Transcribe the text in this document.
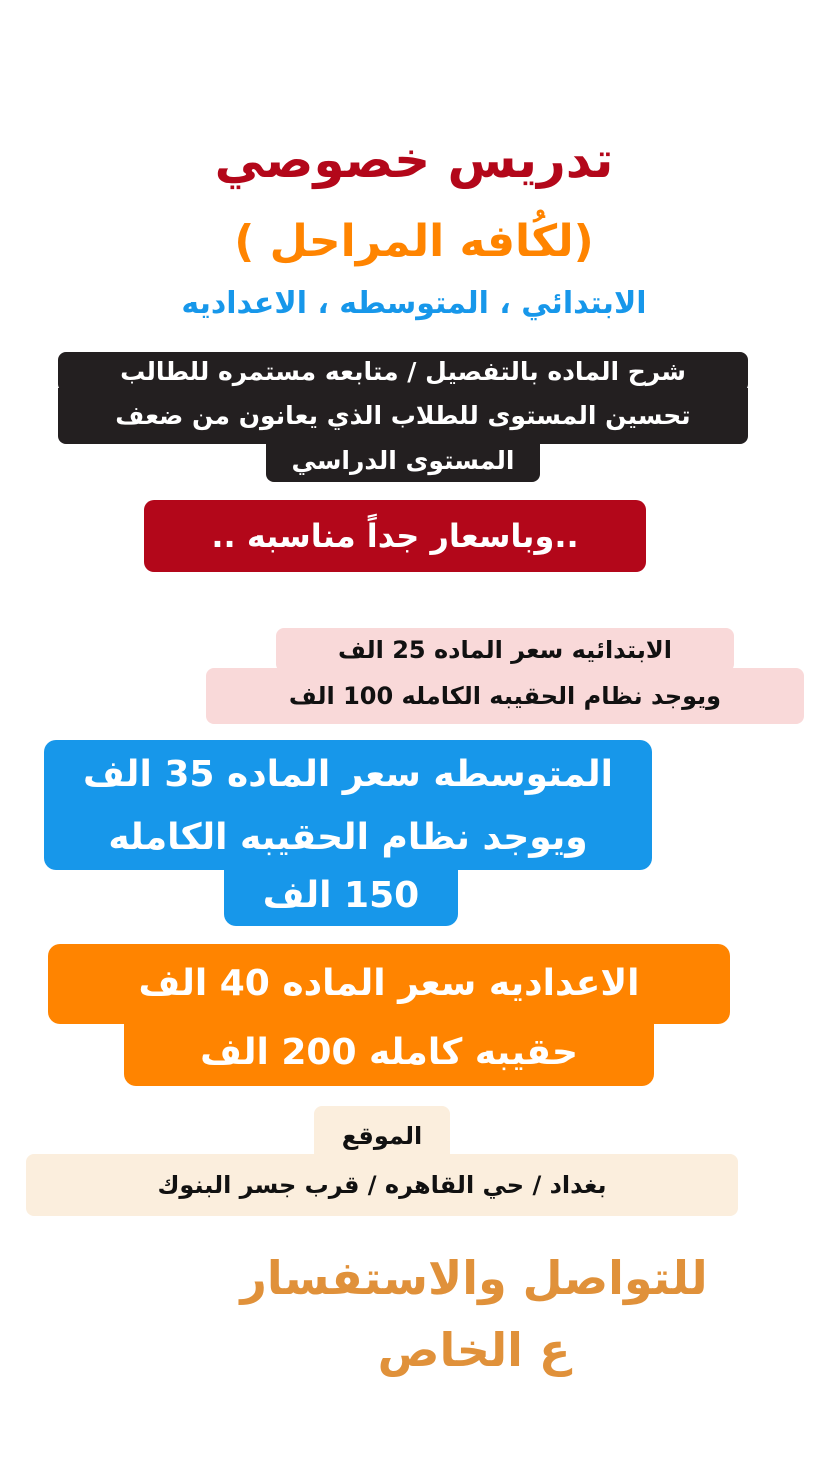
تدريس خصوصي
(لكُافه المراحل )
الابتدائي ، المتوسطه ، الاعداديه
شرح الماده بالتفصيل / متابعه مستمره للطالب
تحسين المستوى للطلاب الذي يعانون من ضعف
المستوى الدراسي
..وباسعار جداً مناسبه ..
الابتدائيه سعر الماده 25 الف
ويوجد نظام الحقيبه الكامله 100 الف
المتوسطه سعر الماده 35 الف
ويوجد نظام الحقيبه الكامله
150 الف
الاعداديه سعر الماده 40 الف
حقيبه كامله 200 الف
الموقع
بغداد / حي القاهره / قرب جسر البنوك
للتواصل والاستفسار
ع الخاص
